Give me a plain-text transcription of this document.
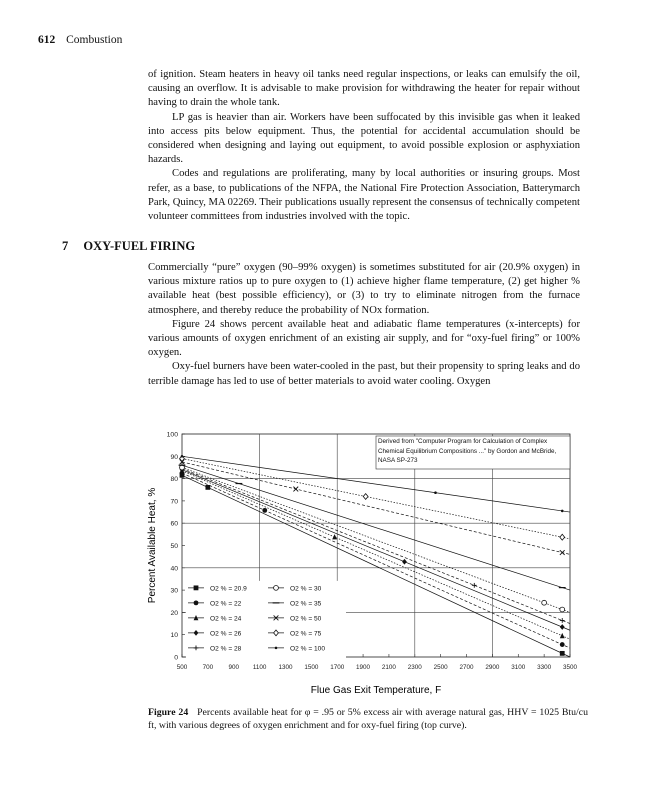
612 Combustion

of ignition. Steam heaters in heavy oil tanks need regular inspections, or leaks can emulsify the oil, causing an overflow. It is advisable to make provision for withdrawing the heater for repair without having to drain the whole tank.

LP gas is heavier than air. Workers have been suffocated by this invisible gas when it leaked into access pits below equipment. Thus, the potential for accidental accumulation should be considered when designing and laying out equipment, to avoid possible explosion or asphyxiation hazards.

Codes and regulations are proliferating, many by local authorities or insuring groups. Most refer, as a base, to publications of the NFPA, the National Fire Protection Association, Batterymarch Park, Quincy, MA 02269. Their publications usually represent the consensus of technically competent volunteer committees from industries involved with the topic.

7 OXY-FUEL FIRING

Commercially “pure” oxygen (90–99% oxygen) is sometimes substituted for air (20.9% oxygen) in various mixture ratios up to pure oxygen to (1) achieve higher flame temperature, (2) get higher % available heat (best possible efficiency), or (3) to try to eliminate nitrogen from the furnace atmosphere, and thereby reduce the probability of NOx formation.

Figure 24 shows percent available heat and adiabatic flame temperatures (x-intercepts) for various amounts of oxygen enrichment of an existing air supply, and for “oxy-fuel firing” or 100% oxygen.

Oxy-fuel burners have been water-cooled in the past, but their propensity to spring leaks and do terrible damage has led to use of better materials to avoid water cooling. Oxygen

500 700 900 1100 1300 1500 1700 1900 2100 2300 2500 2700 2900 3100 3300 3500
0
10
20
30
40
50
60
70
80
90
100
O2 % = 20.9
O2 % = 22
O2 % = 24
O2 % = 26
O2 % = 28
O2 % = 30
O2 % = 35
O2 % = 50
O2 % = 75
O2 % = 100
Derived from "Computer Program for Calculation of Complex Chemical Equilibrium Compositions ..." by Gordon and McBride, NASA SP-273
Flue Gas Exit Temperature, F
Percent Available Heat, %
Figure 24 Percents available heat for φ = .95 or 5% excess air with average natural gas, HHV = 1025 Btu/cu ft, with various degrees of oxygen enrichment and for oxy-fuel firing (top curve).
